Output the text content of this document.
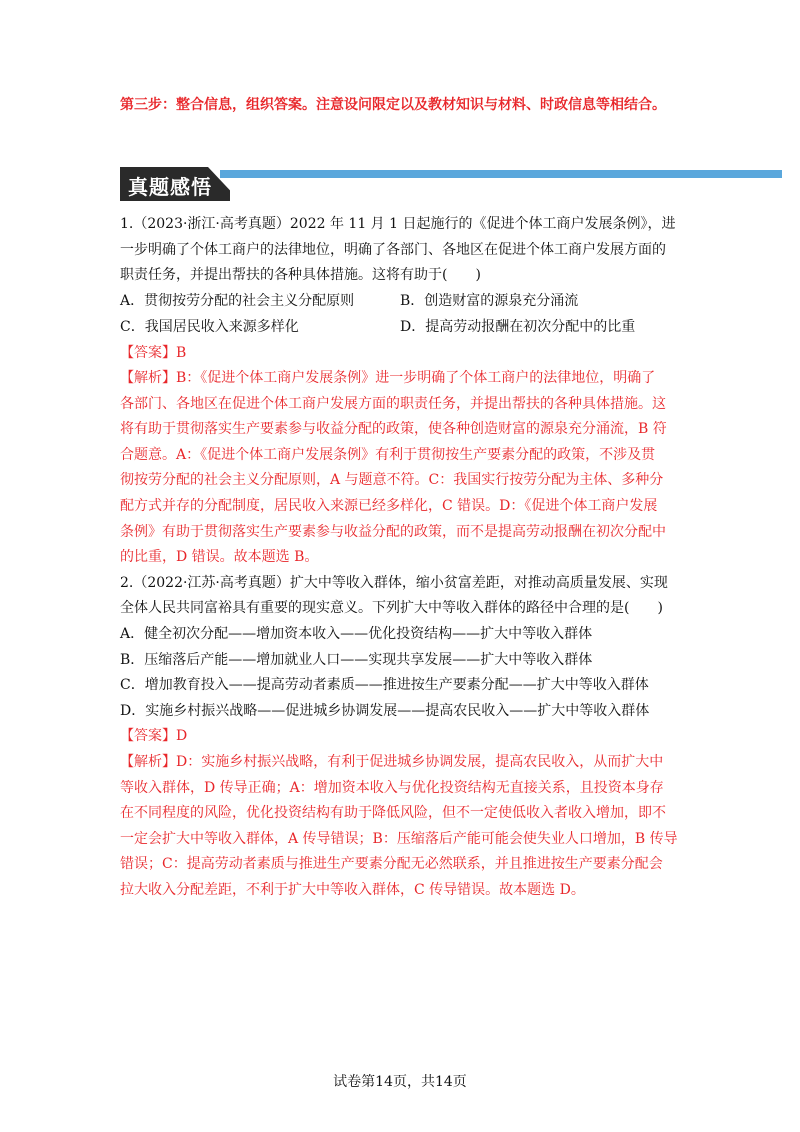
第三步：整合信息，组织答案。注意设问限定以及教材知识与材料、时政信息等相结合。
真题感悟
1.（2023·浙江·高考真题）2022 年 11 月 1 日起施行的《促进个体工商户发展条例》，进
一步明确了个体工商户的法律地位，明确了各部门、各地区在促进个体工商户发展方面的
职责任务，并提出帮扶的各种具体措施。这将有助于(　　)
A．贯彻按劳分配的社会主义分配原则	B．创造财富的源泉充分涌流
C．我国居民收入来源多样化	D．提高劳动报酬在初次分配中的比重
【答案】B
【解析】B：《促进个体工商户发展条例》进一步明确了个体工商户的法律地位，明确了
各部门、各地区在促进个体工商户发展方面的职责任务，并提出帮扶的各种具体措施。这
将有助于贯彻落实生产要素参与收益分配的政策，使各种创造财富的源泉充分涌流，B 符
合题意。A：《促进个体工商户发展条例》有利于贯彻按生产要素分配的政策，不涉及贯
彻按劳分配的社会主义分配原则，A 与题意不符。C：我国实行按劳分配为主体、多种分
配方式并存的分配制度，居民收入来源已经多样化，C 错误。D：《促进个体工商户发展
条例》有助于贯彻落实生产要素参与收益分配的政策，而不是提高劳动报酬在初次分配中
的比重，D 错误。故本题选 B。
2.（2022·江苏·高考真题）扩大中等收入群体，缩小贫富差距，对推动高质量发展、实现
全体人民共同富裕具有重要的现实意义。下列扩大中等收入群体的路径中合理的是(　　)
A．健全初次分配——增加资本收入——优化投资结构——扩大中等收入群体
B．压缩落后产能——增加就业人口——实现共享发展——扩大中等收入群体
C．增加教育投入——提高劳动者素质——推进按生产要素分配——扩大中等收入群体
D．实施乡村振兴战略——促进城乡协调发展——提高农民收入——扩大中等收入群体
【答案】D
【解析】D：实施乡村振兴战略，有利于促进城乡协调发展，提高农民收入，从而扩大中
等收入群体，D 传导正确；A：增加资本收入与优化投资结构无直接关系，且投资本身存
在不同程度的风险，优化投资结构有助于降低风险，但不一定使低收入者收入增加，即不
一定会扩大中等收入群体，A 传导错误；B：压缩落后产能可能会使失业人口增加，B 传导
错误；C：提高劳动者素质与推进生产要素分配无必然联系，并且推进按生产要素分配会
拉大收入分配差距，不利于扩大中等收入群体，C 传导错误。故本题选 D。
试卷第14页，共14页
